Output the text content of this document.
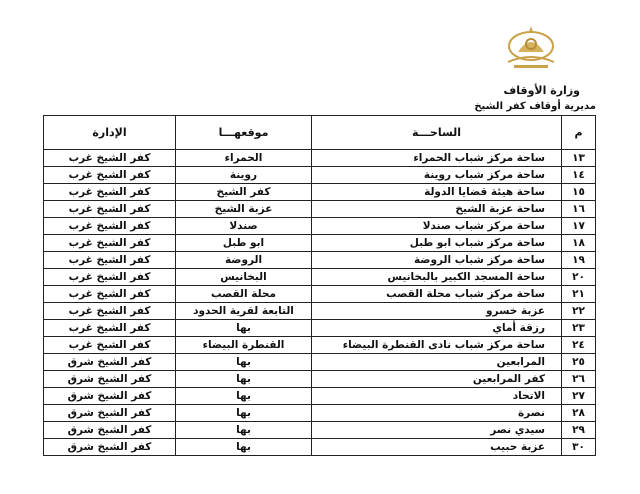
وزارة الأوقاف
مديرية أوقاف كفر الشيخ
م	الساحـــة	موقعهـــا	الإدارة
١٣	ساحة مركز شباب الحمراء	الحمراء	كفر الشيخ غرب
١٤	ساحة مركز شباب روينة	روينة	كفر الشيخ غرب
١٥	ساحة هيئة قضايا الدولة	كفر الشيخ	كفر الشيخ غرب
١٦	ساحة عزبة الشيخ	عزبة الشيخ	كفر الشيخ غرب
١٧	ساحة مركز شباب صندلا	صندلا	كفر الشيخ غرب
١٨	ساحة مركز شباب ابو طبل	ابو طبل	كفر الشيخ غرب
١٩	ساحة مركز شباب الروضة	الروضة	كفر الشيخ غرب
٢٠	ساحة المسجد الكبير بالبخانيس	البخانيس	كفر الشيخ غرب
٢١	ساحة مركز شباب محلة القصب	محلة القصب	كفر الشيخ غرب
٢٢	عزبة خسرو	التابعة لقرية الحدود	كفر الشيخ غرب
٢٣	رزقة أماي	بها	كفر الشيخ غرب
٢٤	ساحة مركز شباب نادى القنطرة البيضاء	القنطرة البيضاء	كفر الشيخ غرب
٢٥	المرابعين	بها	كفر الشيخ شرق
٢٦	كفر المرابعين	بها	كفر الشيخ شرق
٢٧	الاتحاد	بها	كفر الشيخ شرق
٢٨	نصرة	بها	كفر الشيخ شرق
٢٩	سيدي نصر	بها	كفر الشيخ شرق
٣٠	عزبة حبيب	بها	كفر الشيخ شرق
